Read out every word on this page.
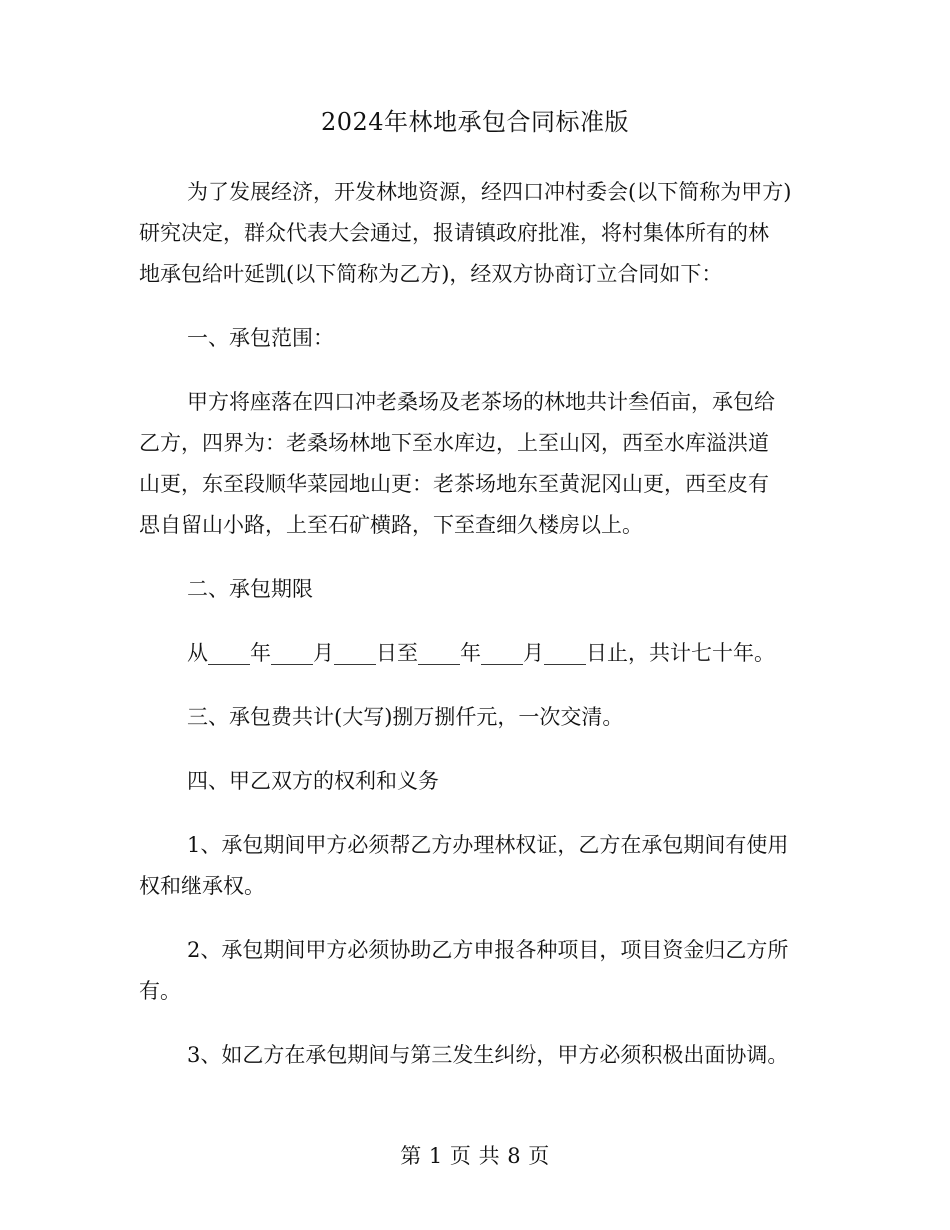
2024年林地承包合同标准版
为了发展经济，开发林地资源，经四口冲村委会(以下简称为甲方)
研究决定，群众代表大会通过，报请镇政府批准，将村集体所有的林
地承包给叶延凯(以下简称为乙方)，经双方协商订立合同如下：
一、承包范围：
甲方将座落在四口冲老桑场及老茶场的林地共计叁佰亩，承包给
乙方，四界为：老桑场林地下至水库边，上至山冈，西至水库溢洪道
山更，东至段顺华菜园地山更：老茶场地东至黄泥冈山更，西至皮有
思自留山小路，上至石矿横路，下至查细久楼房以上。
二、承包期限
从____年____月____日至____年____月____日止，共计七十年。
三、承包费共计(大写)捌万捌仟元，一次交清。
四、甲乙双方的权利和义务
1、承包期间甲方必须帮乙方办理林权证，乙方在承包期间有使用
权和继承权。
2、承包期间甲方必须协助乙方申报各种项目，项目资金归乙方所
有。
3、如乙方在承包期间与第三发生纠纷，甲方必须积极出面协调。
第 1 页 共 8 页
